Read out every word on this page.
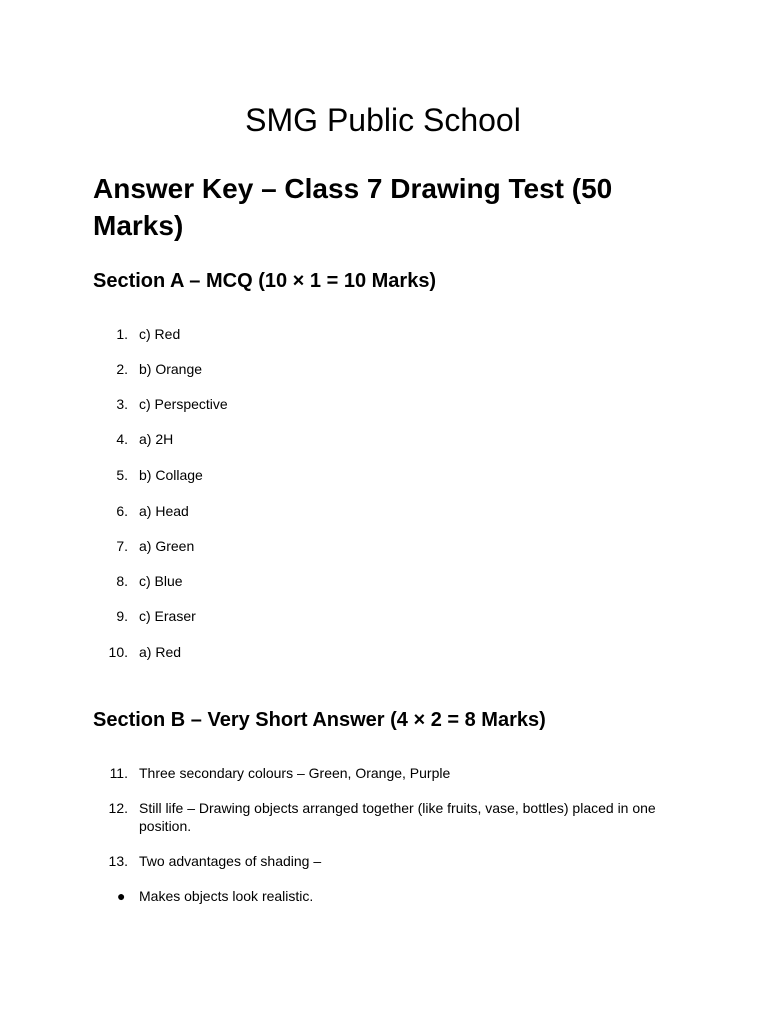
SMG Public School
Answer Key – Class 7 Drawing Test (50 Marks)
Section A – MCQ (10 × 1 = 10 Marks)
1. c) Red
2. b) Orange
3. c) Perspective
4. a) 2H
5. b) Collage
6. a) Head
7. a) Green
8. c) Blue
9. c) Eraser
10. a) Red
Section B – Very Short Answer (4 × 2 = 8 Marks)
11. Three secondary colours – Green, Orange, Purple
12. Still life – Drawing objects arranged together (like fruits, vase, bottles) placed in one position.
13. Two advantages of shading –
● Makes objects look realistic.
